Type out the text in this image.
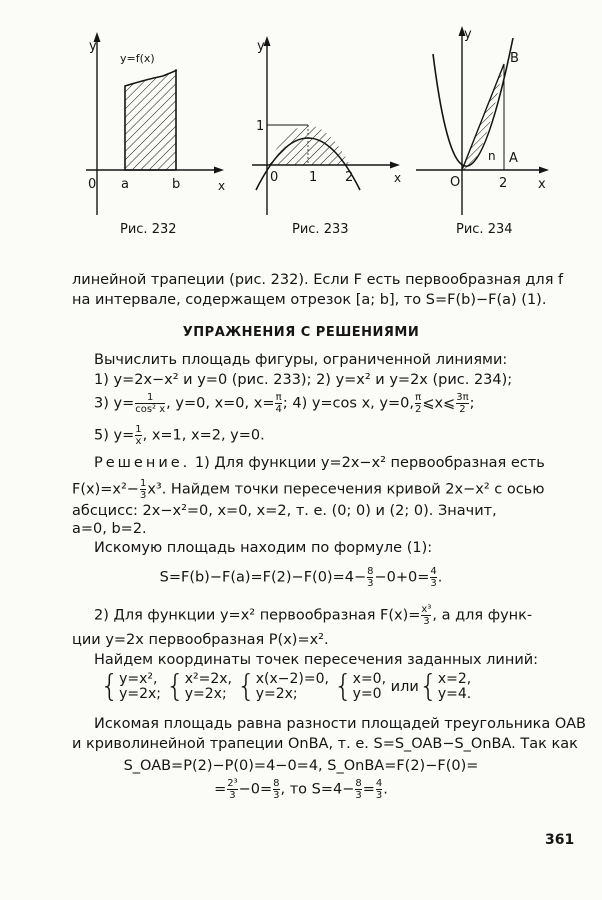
y
x
0 a	b
y=f(x)
Рис. 232
y
x
0
1
1 2
Рис. 233
y
x
O	2
B
A
n
Рис. 234
линейной трапеции (рис. 232). Если F есть первообразная для f
на интервале, содержащем отрезок [a; b], то S=F(b)−F(a) (1).
УПРАЖНЕНИЯ С РЕШЕНИЯМИ
Вычислить площадь фигуры, ограниченной линиями:
1) y=2x−x² и y=0 (рис. 233); 2) y=x² и y=2x (рис. 234);
3) $y= \frac{1}{\text{cos² x}}$ , y=0, x=0, $x= \frac{\pi}{4}$ ; 4) y=cos x, y=0, $\frac{\pi}{2}$ ⩽x⩽ $\frac{3\pi}{2}$ ;
5) $y= \frac{1}{x}$ , x=1, x=2, y=0.
Решение. 1) Для функции y=2x−x² первообразная есть
$F(x)=x^2- \frac{1}{3} x^3$. Найдем точки пересечения кривой 2x−x² с осью
абсцисс: 2x−x²=0, x=0, x=2, т. е. (0; 0) и (2; 0). Значит,
a=0, b=2.
Искомую площадь находим по формуле (1):
$S=F(b)-F(a)=F(2)-F(0)=4- \frac{8}{3} -0+0= \frac{4}{3}$ .
2) Для функции y=x² первообразная $F(x)= \frac{\text{x³}}{3}$ , а для функ-
ции y=2x первообразная P(x)=x².
Найдем координаты точек пересечения заданных линий:
{y=x²,
y=2x; {x²=2x,
y=2x; {x(x−2)=0,
y=2x; {x=0,
y=0 или{x=2,
y=4.
Искомая площадь равна разности площадей треугольника OAB
и криволинейной трапеции OnBA, т. е. S=S_OAB−S_OnBA. Так как
S_OAB=P(2)−P(0)=4−0=4, S_OnBA=F(2)−F(0)=
= $\frac{\text{2³}}{3} -0= \frac{8}{3}$ , то $S=4- \frac{8}{3} = \frac{4}{3}$ .
361
